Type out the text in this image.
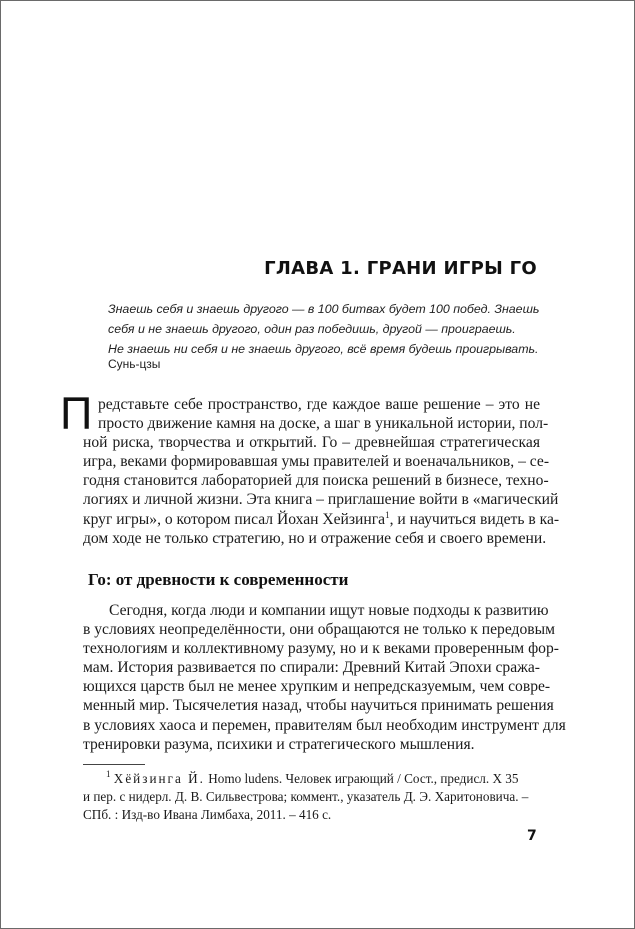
ГЛАВА 1. ГРАНИ ИГРЫ ГО
Знаешь себя и знаешь другого — в 100 битвах будет 100 побед. Знаешь
себя и не знаешь другого, один раз победишь, другой — проиграешь.
Не знаешь ни себя и не знаешь другого, всё время будешь проигрывать.
Сунь-цзы
П редставьте себе пространство, где каждое ваше решение – это не
просто движение камня на доске, а шаг в уникальной истории, пол-
ной риска, творчества и открытий. Го – древнейшая стратегическая
игра, веками формировавшая умы правителей и военачальников, – се-
годня становится лабораторией для поиска решений в бизнесе, техно-
логиях и личной жизни. Эта книга – приглашение войти в «магический
круг игры», о котором писал Йохан Хейзинга$^1$, и научиться видеть в ка-
дом ходе не только стратегию, но и отражение себя и своего времени.
Го: от древности к современности
Сегодня, когда люди и компании ищут новые подходы к развитию
в условиях неопределённости, они обращаются не только к передовым
технологиям и коллективному разуму, но и к веками проверенным фор-
мам. История развивается по спирали: Древний Китай Эпохи сража-
ющихся царств был не менее хрупким и непредсказуемым, чем совре-
менный мир. Тысячелетия назад, чтобы научиться принимать решения
в условиях хаоса и перемен, правителям был необходим инструмент для
тренировки разума, психики и стратегического мышления.
$^1$ Хёйзинга Й. Homo ludens. Человек играющий / Сост., предисл. Х 35
и пер. с нидерл. Д. В. Сильвестрова; коммент., указатель Д. Э. Харитоновича. –
СПб. : Изд-во Ивана Лимбаха, 2011. – 416 с.
7
